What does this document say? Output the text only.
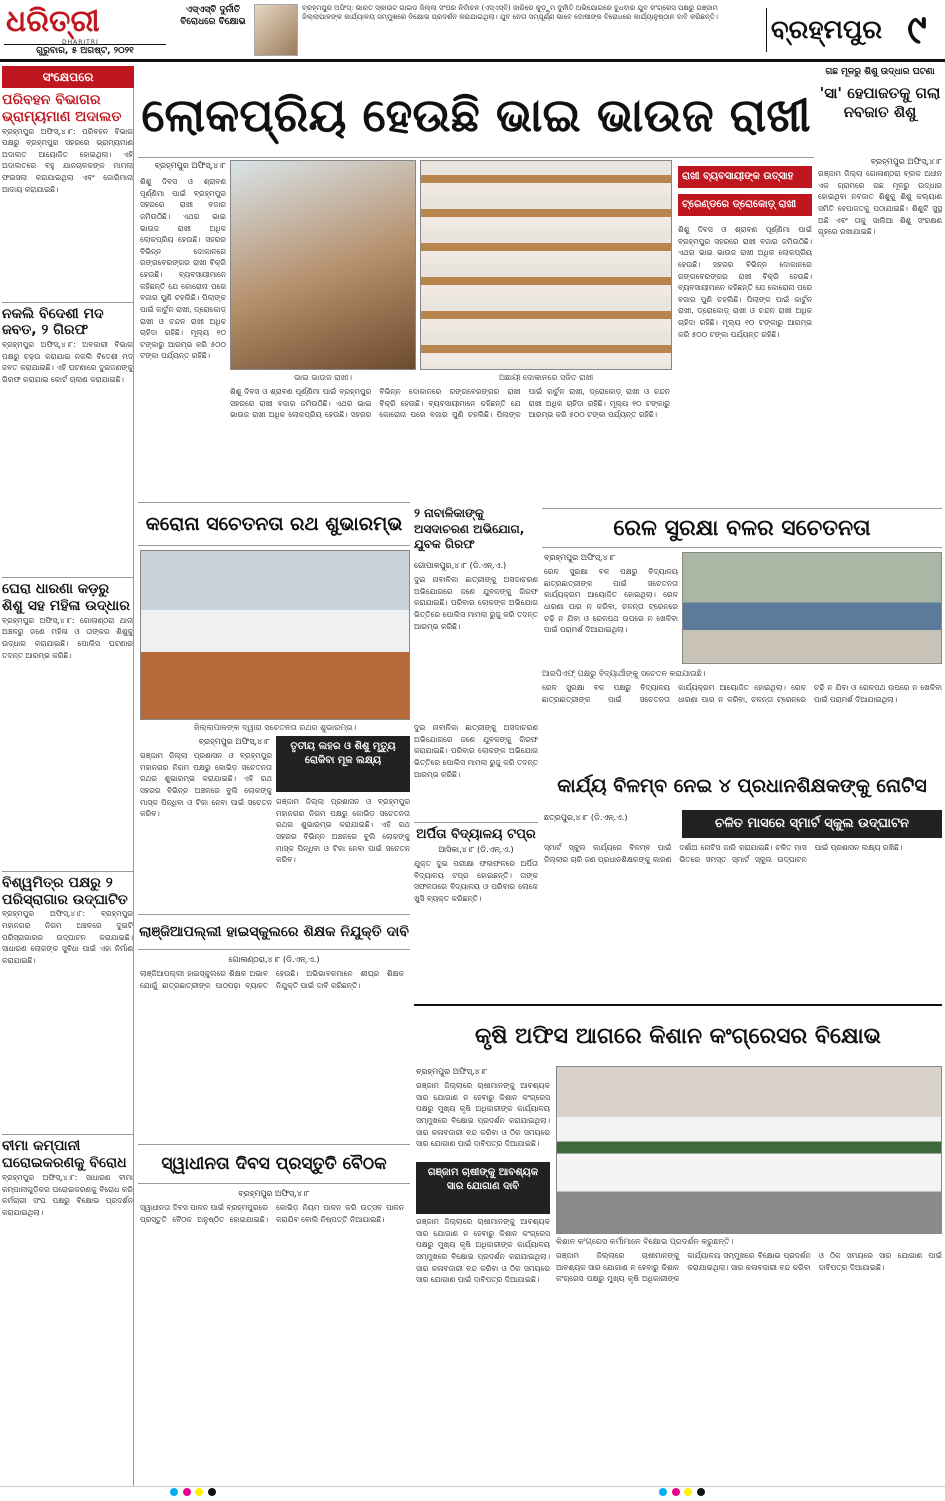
ଧରିତ୍ରୀ
DHARITRI
ଗୁରୁବାର, ୫ ଅଗଷ୍ଟ, ୨୦୨୧
ଏସ୍‌ଏସ୍‌ବି ଦୁର୍ନୀତି ବିରୋଧରେ ବିକ୍ଷୋଭ
ବ୍ରହ୍ମପୁର ଅଫିସ୍‌: ଭାରତ ସ୍କାଉଟ ଗାଇଡ଼ ଜିଲ୍ଲା ସଂଘର ନିର୍ବାଚନ (ଏସ୍‌ଏସ୍‌ବି) ଜାରିରେ କୁଡ଼ୁମ ଦୁର୍ନୀତି ଅଭିଯୋଗରେ ବୁଧବାର ଯୁବ କଂଗ୍ରେସ ପକ୍ଷରୁ ଗଞ୍ଜାମ ଜିଲ୍ଲାପାଳଙ୍କ କାର୍ଯ୍ୟାଳୟ ସମ୍ମୁଖରେ ବିକ୍ଷୋଭ ପ୍ରଦର୍ଶନ କରାଯାଇଥିଲା। ଯୁବ ନେତା ସମ୍ପୂର୍ଣ୍ଣ ଭାବେ ଦୋଷୀଙ୍କ ବିରୋଧରେ କାର୍ଯ୍ୟାନୁଷ୍ଠାନ ଦାବି କରିଛନ୍ତି।	ବ୍ରହ୍ମପୁର ୯
ସଂକ୍ଷେପରେ
ପରିବହନ ବିଭାଗର ଭ୍ରାମ୍ୟମାଣ ଅଦାଲତ
ବ୍ରହ୍ମପୁର ଅଫିସ୍‌,୪।୮: ପରିବହନ ବିଭାଗ ପକ୍ଷରୁ ବ୍ରହ୍ମପୁର ସହରରେ ଭ୍ରାମ୍ୟମାଣ ଅଦାଲତ ଆୟୋଜିତ ହୋଇଥିଲା। ଏହି ଅଦାଲତରେ ବହୁ ଯାନଚାଳକଙ୍କ ମାମଲା ଫଇସଲା କରାଯାଇଥିଲା ଏବଂ ଜୋରିମାନା ଆଦାୟ କରାଯାଇଛି।
ନକଲି ବିଦେଶୀ ମଦ ଜବତ, ୨ ଗିରଫ
ବ୍ରହ୍ମପୁର ଅଫିସ୍‌,୪।୮: ଅବକାରୀ ବିଭାଗ ପକ୍ଷରୁ ଚଢ଼ଉ କରାଯାଇ ନକଲି ବିଦେଶୀ ମଦ ଜବତ କରାଯାଇଛି। ଏହି ଘଟଣାରେ ଦୁଇଜଣଙ୍କୁ ଗିରଫ କରାଯାଇ କୋର୍ଟ ଚାଲାଣ କରାଯାଇଛି।
ଘେରା ଧାରଣା କଡ଼ରୁ ଶିଶୁ ସହ ମହିଳା ଉଦ୍ଧାର
ବ୍ରହ୍ମପୁର ଅଫିସ୍‌,୪।୮: ଗୋଳାଣ୍ଠରା ଥାନା ଅଞ୍ଚଳରୁ ଜଣେ ମହିଳା ଓ ତାଙ୍କର ଶିଶୁକୁ ଉଦ୍ଧାର କରାଯାଇଛି। ପୋଲିସ ଘଟଣାର ତଦନ୍ତ ଆରମ୍ଭ କରିଛି।
ବିଶ୍ୱମିତ୍ର ପକ୍ଷରୁ ୨ ପରିସ୍ରାଗାର ଉଦ୍‌ଘାଟିତ
ବ୍ରହ୍ମପୁର ଅଫିସ୍‌,୪।୮: ବ୍ରହ୍ମପୁର ମହାନଗର ନିଗମ ଅଞ୍ଚଳରେ ଦୁଇଟି ପରିସ୍ରାଗାରର ଉଦ୍‌ଘାଟନ କରାଯାଇଛି। ସାଧାରଣ ଲୋକଙ୍କ ସୁବିଧା ପାଇଁ ଏହା ନିର୍ମାଣ କରାଯାଇଛି।
ବୀମା କମ୍ପାନୀ ଘରୋଇକରଣକୁ ବିରୋଧ
ବ୍ରହ୍ମପୁର ଅଫିସ୍‌,୪।୮: ସାଧାରଣ ବୀମା କମ୍ପାନୀଗୁଡ଼ିକର ଘରୋଇକରଣକୁ ବିରୋଧ କରି କର୍ମଚାରୀ ସଂଘ ପକ୍ଷରୁ ବିକ୍ଷୋଭ ପ୍ରଦର୍ଶନ କରାଯାଇଥିଲା।
ଲୋକପ୍ରିୟ ହେଉଛି ଭାଇ ଭାଉଜ ରାଖୀ
ଗଛ ମୂଳରୁ ଶିଶୁ ଉଦ୍ଧାର ଘଟଣା
'ସା' ହେପାଜତକୁ ଗଲା ନବଜାତ ଶିଶୁ
ବ୍ରହ୍ମପୁର ଅଫିସ୍‌,୪।୮
ଗଞ୍ଜାମ ଜିଲ୍ଲା ଗୋଳାଣ୍ଠରା ବ୍ଲକ ଅଧୀନ ଏକ ଗ୍ରାମରେ ଗଛ ମୂଳରୁ ଉଦ୍ଧାର ହୋଇଥିବା ନବଜାତ ଶିଶୁକୁ ଶିଶୁ କଲ୍ୟାଣ ସମିତି ହେପାଜତକୁ ପଠାଯାଇଛି। ଶିଶୁଟି ସୁସ୍ଥ ଅଛି ଏବଂ ତାକୁ ସାଲିଆ ଶିଶୁ ସଂରକ୍ଷଣ ଗୃହରେ ରଖାଯାଇଛି।
ବ୍ରହ୍ମପୁର ଅଫିସ୍‌,୪।୮
ଭାଇ ଭାଉଜ ରାଖୀ।	ଅଛାୟୀ ଦୋକାନରେ ସଜିତ ରାଖୀ
ରାଖୀ ବ୍ୟବସାୟୀଙ୍କ ଉତ୍ସାହ
ଟ୍ରେଣ୍ଡରେ ଡ୍ରୋକୋଡ଼୍ ରାଖୀ
ଶିଶୁ ଦିବସ ଓ ଶ୍ରାବଣ ପୂର୍ଣ୍ଣିମା ପାଇଁ ବ୍ରହ୍ମପୁର ସହରରେ ରାଖୀ ବଜାର ଜମିଉଠିଛି। ଏଥର ଭାଇ ଭାଉଜ ରାଖୀ ଅଧିକ ଲୋକପ୍ରିୟ ହେଉଛି। ସହରର ବିଭିନ୍ନ ଦୋକାନରେ ରଙ୍ଗବେରଙ୍ଗର ରାଖୀ ବିକ୍ରି ହେଉଛି। ବ୍ୟବସାୟୀମାନେ କହିଛନ୍ତି ଯେ କୋରୋନା ପରେ ବଜାର ପୁଣି ଚହଲିଛି। ପିଲାଙ୍କ ପାଇଁ କାର୍ଟୁନ ରାଖୀ, ଡ୍ରୋକୋଡ଼୍ ରାଖୀ ଓ ଚନ୍ଦନ ରାଖୀ ଅଧିକ ଚାହିଦା ରହିଛି। ମୂଲ୍ୟ ୧୦ ଟଙ୍କାରୁ ଆରମ୍ଭ କରି ୫୦୦ ଟଙ୍କା ପର୍ଯ୍ୟନ୍ତ ରହିଛି।
ଶିଶୁ ଦିବସ ଓ ଶ୍ରାବଣ ପୂର୍ଣ୍ଣିମା ପାଇଁ ବ୍ରହ୍ମପୁର ସହରରେ ରାଖୀ ବଜାର ଜମିଉଠିଛି। ଏଥର ଭାଇ ଭାଉଜ ରାଖୀ ଅଧିକ ଲୋକପ୍ରିୟ ହେଉଛି। ସହରର ବିଭିନ୍ନ ଦୋକାନରେ ରଙ୍ଗବେରଙ୍ଗର ରାଖୀ ବିକ୍ରି ହେଉଛି। ବ୍ୟବସାୟୀମାନେ କହିଛନ୍ତି ଯେ କୋରୋନା ପରେ ବଜାର ପୁଣି ଚହଲିଛି। ପିଲାଙ୍କ ପାଇଁ କାର୍ଟୁନ ରାଖୀ, ଡ୍ରୋକୋଡ଼୍ ରାଖୀ ଓ ଚନ୍ଦନ ରାଖୀ ଅଧିକ ଚାହିଦା ରହିଛି। ମୂଲ୍ୟ ୧୦ ଟଙ୍କାରୁ ଆରମ୍ଭ କରି ୫୦୦ ଟଙ୍କା ପର୍ଯ୍ୟନ୍ତ ରହିଛି।
ଶିଶୁ ଦିବସ ଓ ଶ୍ରାବଣ ପୂର୍ଣ୍ଣିମା ପାଇଁ ବ୍ରହ୍ମପୁର ସହରରେ ରାଖୀ ବଜାର ଜମିଉଠିଛି। ଏଥର ଭାଇ ଭାଉଜ ରାଖୀ ଅଧିକ ଲୋକପ୍ରିୟ ହେଉଛି। ସହରର ବିଭିନ୍ନ ଦୋକାନରେ ରଙ୍ଗବେରଙ୍ଗର ରାଖୀ ବିକ୍ରି ହେଉଛି। ବ୍ୟବସାୟୀମାନେ କହିଛନ୍ତି ଯେ କୋରୋନା ପରେ ବଜାର ପୁଣି ଚହଲିଛି। ପିଲାଙ୍କ ପାଇଁ କାର୍ଟୁନ ରାଖୀ, ଡ୍ରୋକୋଡ଼୍ ରାଖୀ ଓ ଚନ୍ଦନ ରାଖୀ ଅଧିକ ଚାହିଦା ରହିଛି। ମୂଲ୍ୟ ୧୦ ଟଙ୍କାରୁ ଆରମ୍ଭ କରି ୫୦୦ ଟଙ୍କା ପର୍ଯ୍ୟନ୍ତ ରହିଛି।
କରୋନା ସଚେତନତା ରଥ ଶୁଭାରମ୍ଭ
ଜିଲ୍ଲାପାଳଙ୍କ ଦ୍ୱାରା ସଚେତନତା ରଥର ଶୁଭାରମ୍ଭ।
ବ୍ରହ୍ମପୁର ଅଫିସ୍‌,୪।୮	ତୃତୀୟ ଲହର ଓ ଶିଶୁ ମୃତ୍ୟୁ ରୋକିବା ମୂଳ ଲକ୍ଷ୍ୟ
ଗଞ୍ଜାମ ଜିଲ୍ଲା ପ୍ରଶାସନ ଓ ବ୍ରହ୍ମପୁର ମହାନଗର ନିଗମ ପକ୍ଷରୁ କୋଭିଡ଼ ସଚେତନତା ରଥର ଶୁଭାରମ୍ଭ କରାଯାଇଛି। ଏହି ରଥ ସହରର ବିଭିନ୍ନ ଅଞ୍ଚଳରେ ବୁଲି ଲୋକଙ୍କୁ ମାସ୍କ ପିନ୍ଧିବା ଓ ଟିକା ନେବା ପାଇଁ ସଚେତନ କରିବ।
ଗଞ୍ଜାମ ଜିଲ୍ଲା ପ୍ରଶାସନ ଓ ବ୍ରହ୍ମପୁର ମହାନଗର ନିଗମ ପକ୍ଷରୁ କୋଭିଡ଼ ସଚେତନତା ରଥର ଶୁଭାରମ୍ଭ କରାଯାଇଛି। ଏହି ରଥ ସହରର ବିଭିନ୍ନ ଅଞ୍ଚଳରେ ବୁଲି ଲୋକଙ୍କୁ ମାସ୍କ ପିନ୍ଧିବା ଓ ଟିକା ନେବା ପାଇଁ ସଚେତନ କରିବ।
୨ ନାବାଳିକାଙ୍କୁ ଅସଦାଚରଣ ଅଭିଯୋଗ, ଯୁବକ ଗିରଫ
ଗୋପାଳପୁର,୪।୮ (ଡି.ଏନ୍‌.ଏ.)
ଦୁଇ ନାବାଳିକା ଛାତ୍ରୀଙ୍କୁ ଅସଦାଚରଣ ଅଭିଯୋଗରେ ଜଣେ ଯୁବକଙ୍କୁ ଗିରଫ କରାଯାଇଛି। ପରିବାର ଲୋକଙ୍କ ଅଭିଯୋଗ ଭିତ୍ତିରେ ପୋଲିସ ମାମଲା ରୁଜୁ କରି ତଦନ୍ତ ଆରମ୍ଭ କରିଛି।
ଦୁଇ ନାବାଳିକା ଛାତ୍ରୀଙ୍କୁ ଅସଦାଚରଣ ଅଭିଯୋଗରେ ଜଣେ ଯୁବକଙ୍କୁ ଗିରଫ କରାଯାଇଛି। ପରିବାର ଲୋକଙ୍କ ଅଭିଯୋଗ ଭିତ୍ତିରେ ପୋଲିସ ମାମଲା ରୁଜୁ କରି ତଦନ୍ତ ଆରମ୍ଭ କରିଛି।
ରେଳ ସୁରକ୍ଷା ବଳର ସଚେତନତା
ବ୍ରହ୍ମପୁର ଅଫିସ୍‌,୪।୮
ରେଳ ସୁରକ୍ଷା ବଳ ପକ୍ଷରୁ ବିଦ୍ୟାଳୟ ଛାତ୍ରଛାତ୍ରୀଙ୍କ ପାଇଁ ସଚେତନତା କାର୍ଯ୍ୟକ୍ରମ ଆୟୋଜିତ ହୋଇଥିଲା। ରେଳ ଧାରଣା ପାର ନ କରିବା, ଚଳନ୍ତା ଟ୍ରେନରେ ଚଢ଼ି ନ ଯିବା ଓ ରେଳପଥ ଉପରେ ନ ଖେଳିବା ପାଇଁ ପରାମର୍ଶ ଦିଆଯାଇଥିଲା।
ଆରପିଏଫ୍ ପକ୍ଷରୁ ବିଦ୍ୟାର୍ଥୀଙ୍କୁ ସଚେତନ କରାଯାଉଛି।
ରେଳ ସୁରକ୍ଷା ବଳ ପକ୍ଷରୁ ବିଦ୍ୟାଳୟ ଛାତ୍ରଛାତ୍ରୀଙ୍କ ପାଇଁ ସଚେତନତା କାର୍ଯ୍ୟକ୍ରମ ଆୟୋଜିତ ହୋଇଥିଲା। ରେଳ ଧାରଣା ପାର ନ କରିବା, ଚଳନ୍ତା ଟ୍ରେନରେ ଚଢ଼ି ନ ଯିବା ଓ ରେଳପଥ ଉପରେ ନ ଖେଳିବା ପାଇଁ ପରାମର୍ଶ ଦିଆଯାଇଥିଲା।
କାର୍ଯ୍ୟ ବିଳମ୍ବ ନେଇ ୪ ପ୍ରଧାନଶିକ୍ଷକଙ୍କୁ ନୋଟିସ
ଚଳିତ ମାସରେ ସ୍ମାର୍ଟ ସ୍କୁଲ ଉଦ୍‌ଘାଟନ
ଛତ୍ରପୁର,୪।୮ (ଡି.ଏନ୍‌.ଏ.)
ସ୍ମାର୍ଟ ସ୍କୁଲ କାର୍ଯ୍ୟରେ ବିଳମ୍ବ ପାଇଁ ଜିଲ୍ଲାର ଚାରି ଜଣ ପ୍ରଧାନଶିକ୍ଷକଙ୍କୁ କାରଣ ଦର୍ଶାଅ ନୋଟିସ ଜାରି କରାଯାଇଛି। ଚଳିତ ମାସ ଭିତରେ ସମସ୍ତ ସ୍ମାର୍ଟ ସ୍କୁଲ ଉଦ୍‌ଘାଟନ ପାଇଁ ପ୍ରଶାସନ ଲକ୍ଷ୍ୟ ରଖିଛି।
ଅର୍ପିତା ବିଦ୍ୟାଳୟ ଟପ୍‌ର
ଆସିକା,୪।୮ (ଡି.ଏନ୍‌.ଏ.)
ଯୁକ୍ତ ଦୁଇ ପରୀକ୍ଷା ଫଳାଫଳରେ ଅର୍ପିତା ବିଦ୍ୟାଳୟ ଟପ୍‌ର ହୋଇଛନ୍ତି। ତାଙ୍କ ସଫଳତାରେ ବିଦ୍ୟାଳୟ ଓ ପରିବାର ଲୋକେ ଖୁସି ବ୍ୟକ୍ତ କରିଛନ୍ତି।
ଲାଞ୍ଜିଆପଲ୍ଲୀ ହାଇସ୍କୁଲରେ ଶିକ୍ଷକ ନିଯୁକ୍ତି ଦାବି
ଗୋଳାଣ୍ଠରା,୪।୮ (ଡି.ଏନ୍‌.ଏ.)
ଲାଞ୍ଜିଆପଲ୍ଲୀ ହାଇସ୍କୁଲରେ ଶିକ୍ଷକ ଅଭାବ ଯୋଗୁଁ ଛାତ୍ରଛାତ୍ରୀଙ୍କ ପାଠପଢ଼ା ବ୍ୟାହତ ହେଉଛି। ଅଭିଭାବକମାନେ ଶୀଘ୍ର ଶିକ୍ଷକ ନିଯୁକ୍ତି ପାଇଁ ଦାବି କରିଛନ୍ତି।
ସ୍ୱାଧୀନତା ଦିବସ ପ୍ରସ୍ତୁତି ବୈଠକ
ବ୍ରହ୍ମପୁର ଅଫିସ୍‌,୪।୮
ସ୍ୱାଧୀନତା ଦିବସ ପାଳନ ପାଇଁ ବ୍ରହ୍ମପୁରରେ ପ୍ରସ୍ତୁତି ବୈଠକ ଅନୁଷ୍ଠିତ ହୋଇଯାଇଛି। କୋଭିଡ଼ ନିୟମ ପାଳନ କରି ଉତ୍ସବ ପାଳନ କରାଯିବ ବୋଲି ନିଷ୍ପତ୍ତି ନିଆଯାଇଛି।
କୃଷି ଅଫିସ ଆଗରେ କିଶାନ କଂଗ୍ରେସର ବିକ୍ଷୋଭ
ବ୍ରହ୍ମପୁର ଅଫିସ୍‌,୪।୮
ଗଞ୍ଜାମ ଜିଲ୍ଲାରେ ଚାଷୀମାନଙ୍କୁ ଆବଶ୍ୟକ ସାର ଯୋଗାଣ ନ ହେବାରୁ କିଶାନ କଂଗ୍ରେସ ପକ୍ଷରୁ ମୁଖ୍ୟ କୃଷି ଅଧିକାରୀଙ୍କ କାର୍ଯ୍ୟାଳୟ ସମ୍ମୁଖରେ ବିକ୍ଷୋଭ ପ୍ରଦର୍ଶନ କରାଯାଇଥିଲା। ସାର କଳାବଜାରୀ ବନ୍ଦ କରିବା ଓ ଠିକ ସମୟରେ ସାର ଯୋଗାଣ ପାଇଁ ଦାବିପତ୍ର ଦିଆଯାଇଛି।
ଗଞ୍ଜାମ ଚାଷୀଙ୍କୁ ଆବଶ୍ୟକ ସାର ଯୋଗାଣ ଦାବି
ଗଞ୍ଜାମ ଜିଲ୍ଲାରେ ଚାଷୀମାନଙ୍କୁ ଆବଶ୍ୟକ ସାର ଯୋଗାଣ ନ ହେବାରୁ କିଶାନ କଂଗ୍ରେସ ପକ୍ଷରୁ ମୁଖ୍ୟ କୃଷି ଅଧିକାରୀଙ୍କ କାର୍ଯ୍ୟାଳୟ ସମ୍ମୁଖରେ ବିକ୍ଷୋଭ ପ୍ରଦର୍ଶନ କରାଯାଇଥିଲା। ସାର କଳାବଜାରୀ ବନ୍ଦ କରିବା ଓ ଠିକ ସମୟରେ ସାର ଯୋଗାଣ ପାଇଁ ଦାବିପତ୍ର ଦିଆଯାଇଛି।
କିଶାନ କଂଗ୍ରେସ କର୍ମୀମାନେ ବିକ୍ଷୋଭ ପ୍ରଦର୍ଶନ କରୁଛନ୍ତି।
ଗଞ୍ଜାମ ଜିଲ୍ଲାରେ ଚାଷୀମାନଙ୍କୁ ଆବଶ୍ୟକ ସାର ଯୋଗାଣ ନ ହେବାରୁ କିଶାନ କଂଗ୍ରେସ ପକ୍ଷରୁ ମୁଖ୍ୟ କୃଷି ଅଧିକାରୀଙ୍କ କାର୍ଯ୍ୟାଳୟ ସମ୍ମୁଖରେ ବିକ୍ଷୋଭ ପ୍ରଦର୍ଶନ କରାଯାଇଥିଲା। ସାର କଳାବଜାରୀ ବନ୍ଦ କରିବା ଓ ଠିକ ସମୟରେ ସାର ଯୋଗାଣ ପାଇଁ ଦାବିପତ୍ର ଦିଆଯାଇଛି।
